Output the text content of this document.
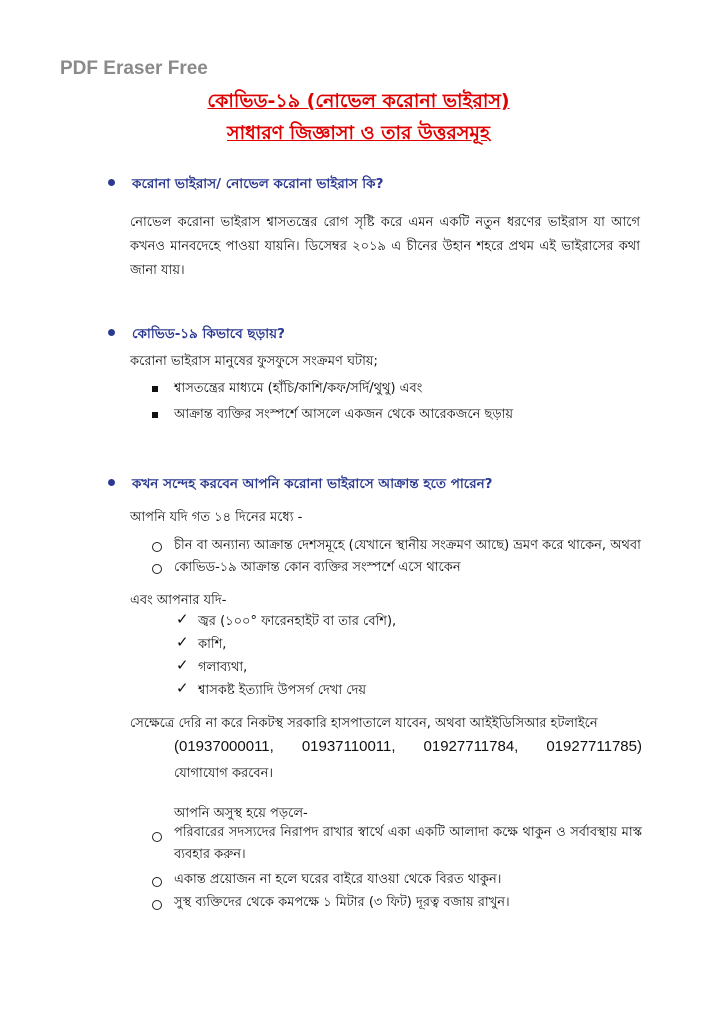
PDF Eraser Free
কোভিড-১৯ (নোভেল করোনা ভাইরাস)
সাধারণ জিজ্ঞাসা ও তার উত্তরসমূহ
করোনা ভাইরাস/ নোভেল করোনা ভাইরাস কি?
নোভেল করোনা ভাইরাস শ্বাসতন্ত্রের রোগ সৃষ্টি করে এমন একটি নতুন ধরণের ভাইরাস যা আগে কখনও মানবদেহে পাওয়া যায়নি। ডিসেম্বর ২০১৯ এ চীনের উহান শহরে প্রথম এই ভাইরাসের কথা জানা যায়।
কোভিড-১৯ কিভাবে ছড়ায়?
করোনা ভাইরাস মানুষের ফুসফুসে সংক্রমণ ঘটায়;
শ্বাসতন্ত্রের মাধ্যমে (হাঁচি/কাশি/কফ/সর্দি/থুথু) এবং
আক্রান্ত ব্যক্তির সংস্পর্শে আসলে একজন থেকে আরেকজনে ছড়ায়
কখন সন্দেহ করবেন আপনি করোনা ভাইরাসে আক্রান্ত হতে পারেন?
আপনি যদি গত ১৪ দিনের মধ্যে -
চীন বা অন্যান্য আক্রান্ত দেশসমূহে (যেখানে স্থানীয় সংক্রমণ আছে) ভ্রমণ করে থাকেন, অথবা
কোভিড-১৯ আক্রান্ত কোন ব্যক্তির সংস্পর্শে এসে থাকেন
এবং আপনার যদি-
✓ জ্বর (১০০° ফারেনহাইট বা তার বেশি),
✓ কাশি,
✓ গলাব্যথা,
✓ শ্বাসকষ্ট ইত্যাদি উপসর্গ দেখা দেয়
সেক্ষেত্রে দেরি না করে নিকটস্থ সরকারি হাসপাতালে যাবেন, অথবা আইইডিসিআর হটলাইনে
(01937000011, 01937110011, 01927711784, 01927711785)
যোগাযোগ করবেন।
আপনি অসুস্থ হয়ে পড়লে-
পরিবারের সদস্যদের নিরাপদ রাখার স্বার্থে একা একটি আলাদা কক্ষে থাকুন ও সর্বাবস্থায় মাস্ক ব্যবহার করুন।
একান্ত প্রয়োজন না হলে ঘরের বাইরে যাওয়া থেকে বিরত থাকুন।
সুস্থ ব্যক্তিদের থেকে কমপক্ষে ১ মিটার (৩ ফিট) দূরত্ব বজায় রাখুন।
